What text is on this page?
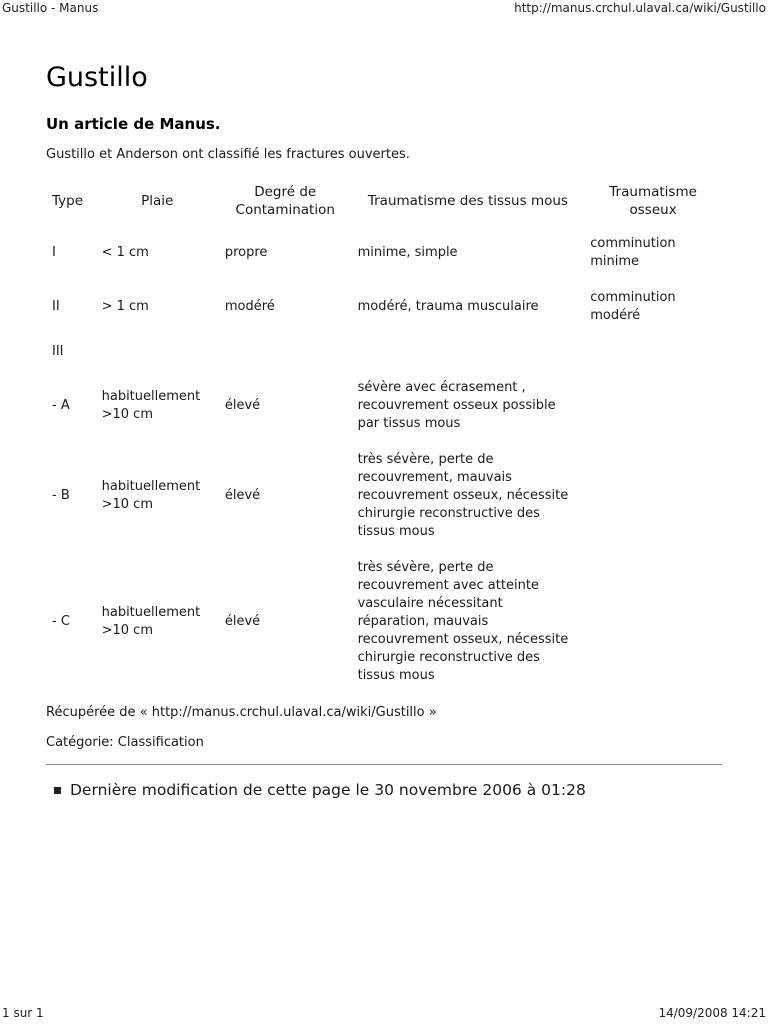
Gustillo - Manus	http://manus.crchul.ulaval.ca/wiki/Gustillo
Gustillo
Un article de Manus.
Gustillo et Anderson ont classifié les fractures ouvertes.
Type	Plaie	Degré de Contamination	Traumatisme des tissus mous	Traumatisme osseux
I	< 1 cm	propre	minime, simple	comminution minime
II	> 1 cm	modéré	modéré, trauma musculaire	comminution modéré
III				
- A	habituellement >10 cm	élevé	sévère avec écrasement , recouvrement osseux possible par tissus mous	
- B	habituellement >10 cm	élevé	très sévère, perte de recouvrement, mauvais recouvrement osseux, nécessite chirurgie reconstructive des tissus mous	
- C	habituellement >10 cm	élevé	très sévère, perte de recouvrement avec atteinte vasculaire nécessitant réparation, mauvais recouvrement osseux, nécessite chirurgie reconstructive des tissus mous	

Récupérée de « http://manus.crchul.ulaval.ca/wiki/Gustillo »

Catégorie: Classification

Dernière modification de cette page le 30 novembre 2006 à 01:28
1 sur 1	14/09/2008 14:21
